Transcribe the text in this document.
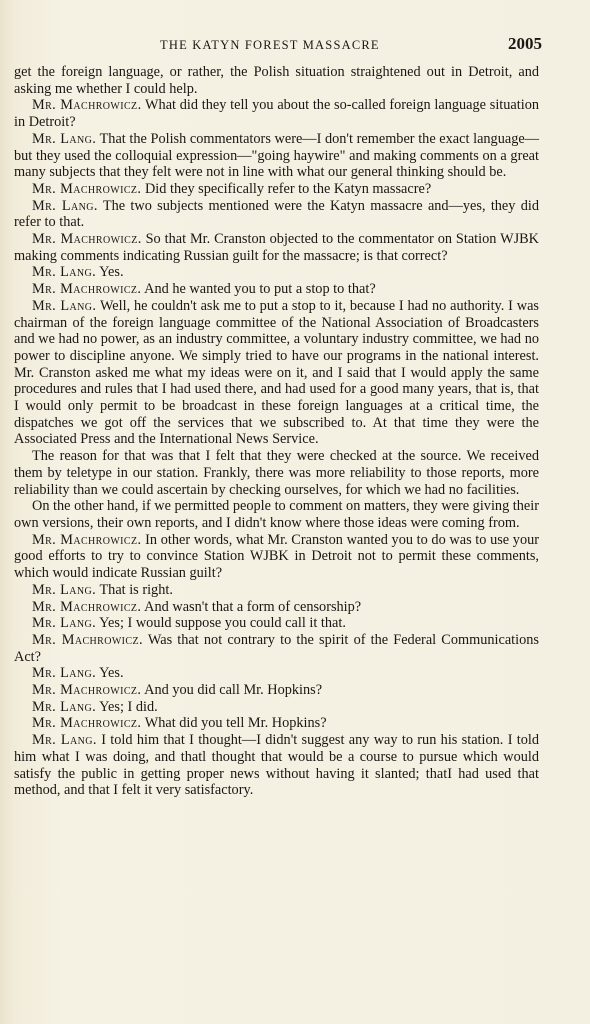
THE KATYN FOREST MASSACRE	2005

get the foreign language, or rather, the Polish situation straightened out in Detroit, and asking me whether I could help.

Mr. Machrowicz. What did they tell you about the so-called foreign language situation in Detroit?

Mr. Lang. That the Polish commentators were—I don't remember the exact language—but they used the colloquial expression—"going haywire" and making comments on a great many subjects that they felt were not in line with what our general thinking should be.

Mr. Machrowicz. Did they specifically refer to the Katyn massacre?

Mr. Lang. The two subjects mentioned were the Katyn massacre and—yes, they did refer to that.

Mr. Machrowicz. So that Mr. Cranston objected to the commentator on Station WJBK making comments indicating Russian guilt for the massacre; is that correct?

Mr. Lang. Yes.

Mr. Machrowicz. And he wanted you to put a stop to that?

Mr. Lang. Well, he couldn't ask me to put a stop to it, because I had no authority. I was chairman of the foreign language committee of the National Association of Broadcasters and we had no power, as an industry committee, a voluntary industry committee, we had no power to discipline anyone. We simply tried to have our programs in the national interest. Mr. Cranston asked me what my ideas were on it, and I said that I would apply the same procedures and rules that I had used there, and had used for a good many years, that is, that I would only permit to be broadcast in these foreign languages at a critical time, the dispatches we got off the services that we subscribed to. At that time they were the Associated Press and the International News Service.

The reason for that was that I felt that they were checked at the source. We received them by teletype in our station. Frankly, there was more reliability to those reports, more reliability than we could ascertain by checking ourselves, for which we had no facilities.

On the other hand, if we permitted people to comment on matters, they were giving their own versions, their own reports, and I didn't know where those ideas were coming from.

Mr. Machrowicz. In other words, what Mr. Cranston wanted you to do was to use your good efforts to try to convince Station WJBK in Detroit not to permit these comments, which would indicate Russian guilt?

Mr. Lang. That is right.

Mr. Machrowicz. And wasn't that a form of censorship?

Mr. Lang. Yes; I would suppose you could call it that.

Mr. Machrowicz. Was that not contrary to the spirit of the Federal Communications Act?

Mr. Lang. Yes.

Mr. Machrowicz. And you did call Mr. Hopkins?

Mr. Lang. Yes; I did.

Mr. Machrowicz. What did you tell Mr. Hopkins?

Mr. Lang. I told him that I thought—I didn't suggest any way to run his station. I told him what I was doing, and thatl thought that would be a course to pursue which would satisfy the public in getting proper news without having it slanted; thatI had used that method, and that I felt it very satisfactory.
